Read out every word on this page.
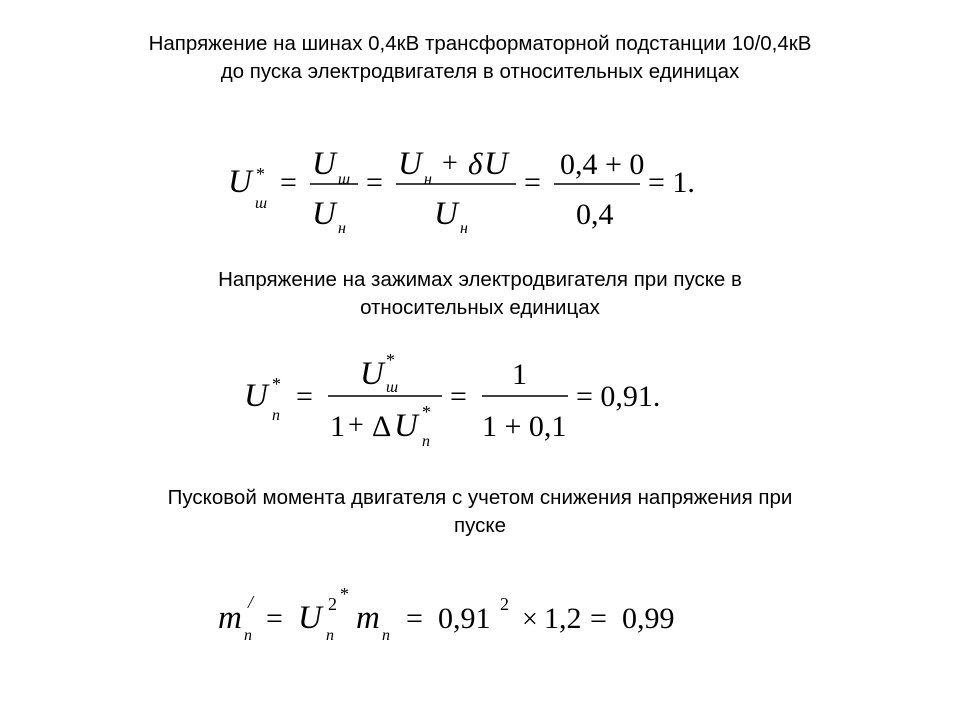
Напряжение на шинах 0,4кВ трансформаторной подстанции 10/0,4кВ
до пуска электродвигателя в относительных единицах
U *
ш
=
U ш
U н
=
U н
+ δ U
U н
=
0,4 + 0
0,4
= 1.
Напряжение на зажимах электродвигателя при пуске в
относительных единицах
U *
п
=
U *
ш
1 + Δ U *
п
=
1
1 + 0,1
= 0,91.
Пусковой момента двигателя с учетом снижения напряжения при
пуске
m /
п
= U 2 *
п m п
= 0,91 2 × 1,2 = 0,99
